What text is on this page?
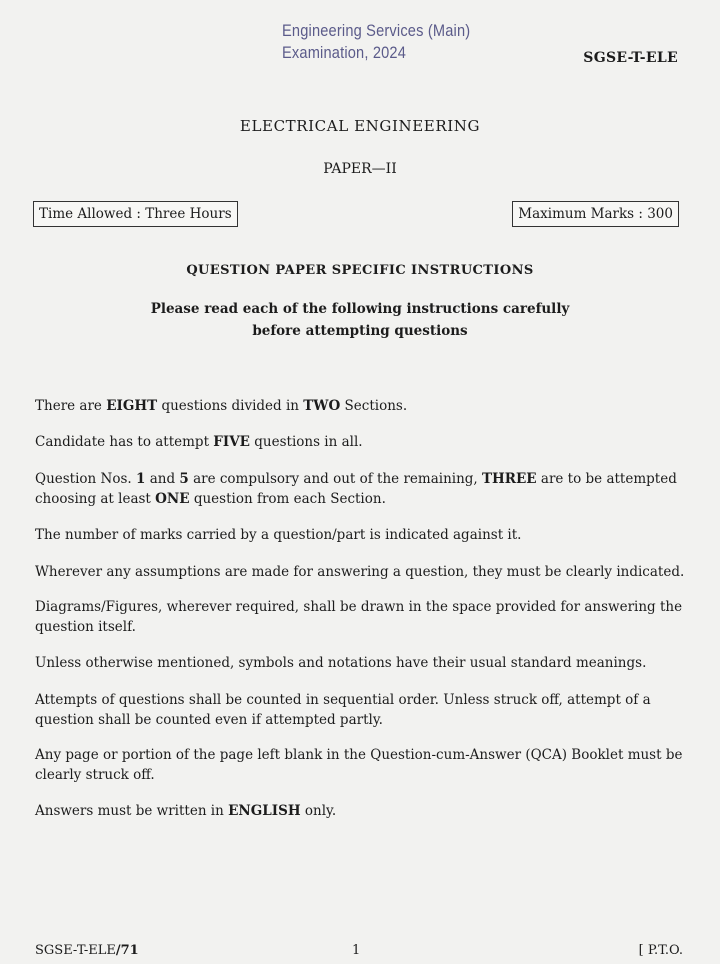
Engineering Services (Main)
Examination, 2024	SGSE-T-ELE
ELECTRICAL ENGINEERING
PAPER—II
Time Allowed : Three Hours	Maximum Marks : 300
QUESTION PAPER SPECIFIC INSTRUCTIONS
Please read each of the following instructions carefully
before attempting questions
There are EIGHT questions divided in TWO Sections.
Candidate has to attempt FIVE questions in all.
Question Nos. 1 and 5 are compulsory and out of the remaining, THREE are to be attempted choosing at least ONE question from each Section.
The number of marks carried by a question/part is indicated against it.
Wherever any assumptions are made for answering a question, they must be clearly indicated.
Diagrams/Figures, wherever required, shall be drawn in the space provided for answering the question itself.
Unless otherwise mentioned, symbols and notations have their usual standard meanings.
Attempts of questions shall be counted in sequential order. Unless struck off, attempt of a question shall be counted even if attempted partly.
Any page or portion of the page left blank in the Question-cum-Answer (QCA) Booklet must be clearly struck off.
Answers must be written in ENGLISH only.
SGSE-T-ELE/71	1	[ P.T.O.
